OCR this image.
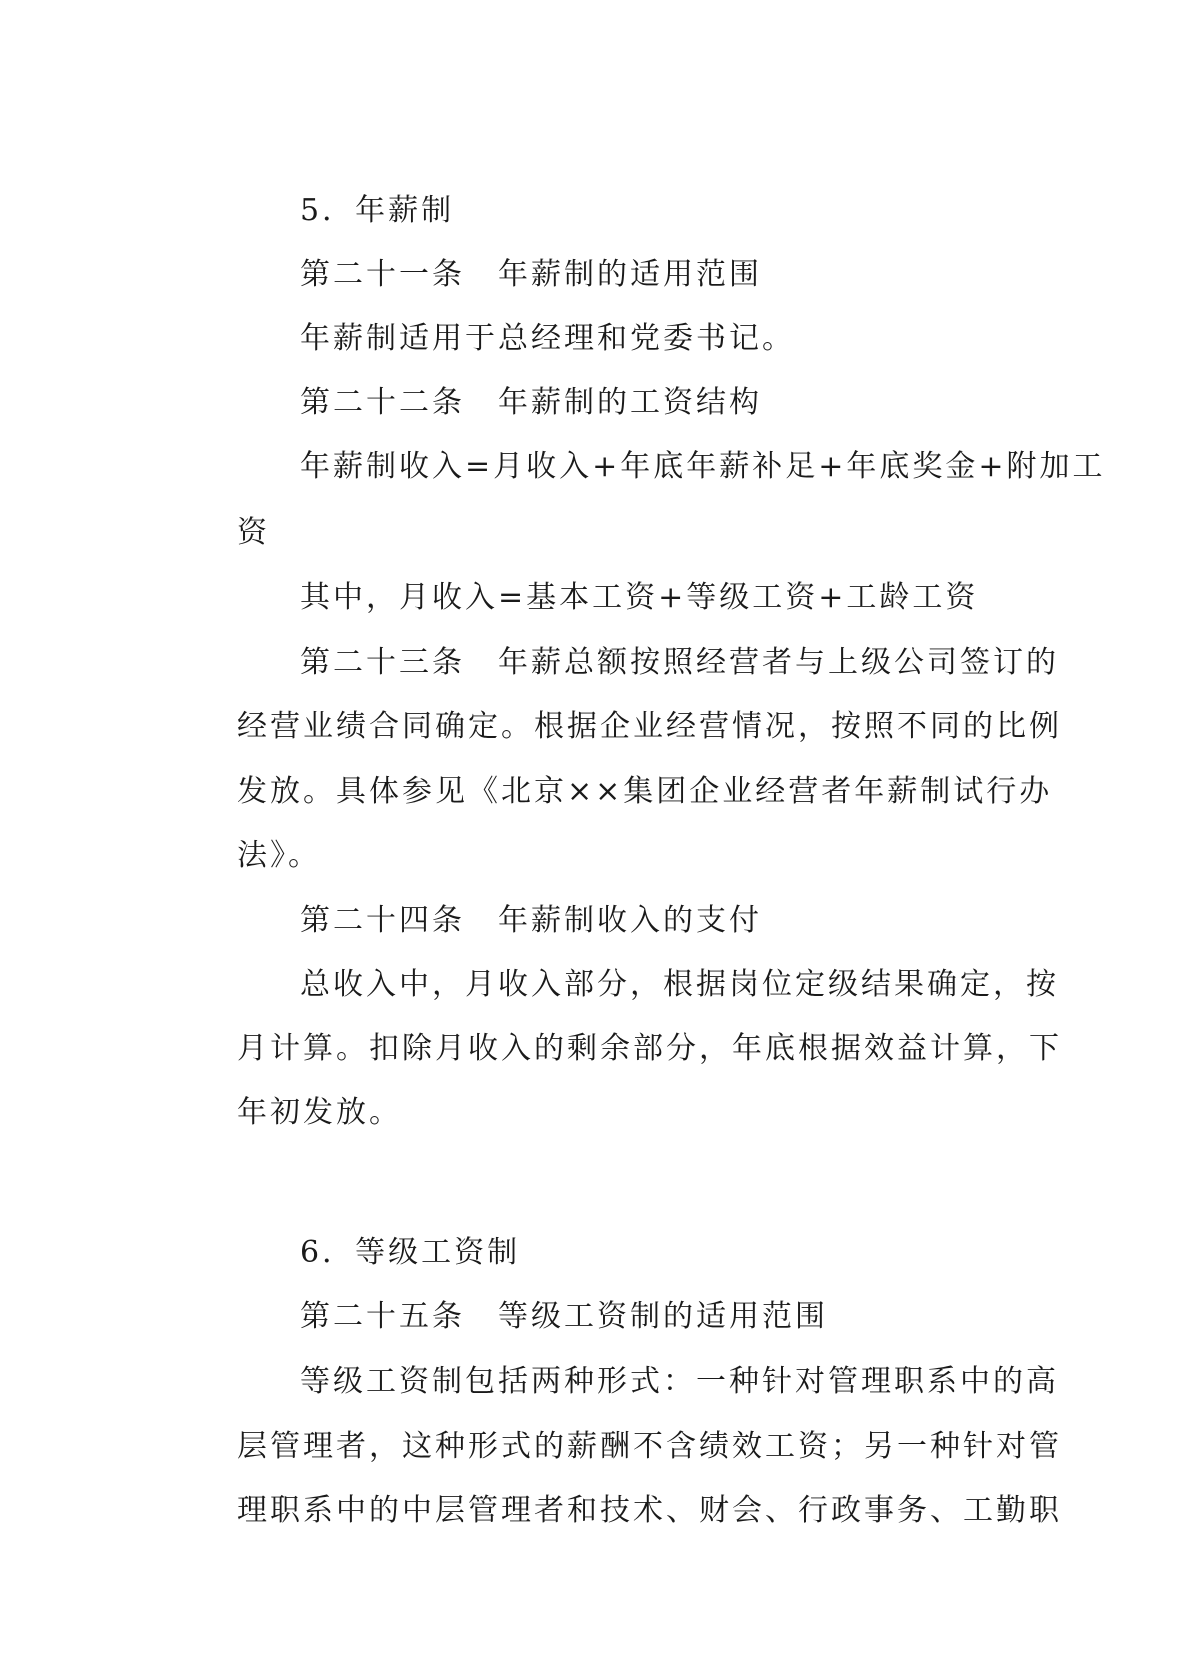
5．年薪制
第二十一条　年薪制的适用范围
年薪制适用于总经理和党委书记。
第二十二条　年薪制的工资结构
年薪制收入=月收入+年底年薪补足+年底奖金+附加工
资
其中，月收入=基本工资+等级工资+工龄工资
第二十三条　年薪总额按照经营者与上级公司签订的
经营业绩合同确定。根据企业经营情况，按照不同的比例
发放。具体参见《北京××集团企业经营者年薪制试行办
法》。
第二十四条　年薪制收入的支付
总收入中，月收入部分，根据岗位定级结果确定，按
月计算。扣除月收入的剩余部分，年底根据效益计算，下
年初发放。
6．等级工资制
第二十五条　等级工资制的适用范围
等级工资制包括两种形式：一种针对管理职系中的高
层管理者，这种形式的薪酬不含绩效工资；另一种针对管
理职系中的中层管理者和技术、财会、行政事务、工勤职
